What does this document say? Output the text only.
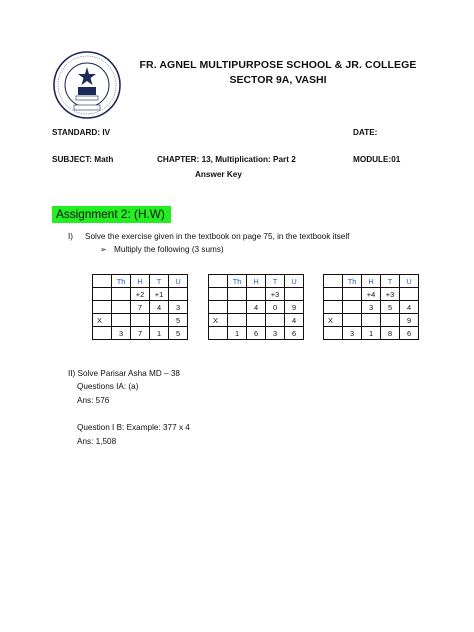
FR. AGNEL MULTIPURPOSE SCHOOL & JR. COLLEGE
SECTOR 9A, VASHI
STANDARD: IV	DATE:
SUBJECT: Math	CHAPTER: 13, Multiplication: Part 2	MODULE:01
Answer Key
Assignment 2: (H.W)
I) Solve the exercise given in the textbook on page 75, in the textbook itself
➢ Multiply the following (3 sums)
	Th	H	T	U
		+2	+1	
		7	4	3
X				5
	3	7	1	5
	Th	H	T	U
			+3	
		4	0	9
X				4
	1	6	3	6
	Th	H	T	U
		+4	+3	
		3	5	4
X				9
	3	1	8	6
II) Solve Parisar Asha MD – 38
Questions IA: (a)
Ans: 576
Question I B: Example: 377 x 4
Ans: 1,508
